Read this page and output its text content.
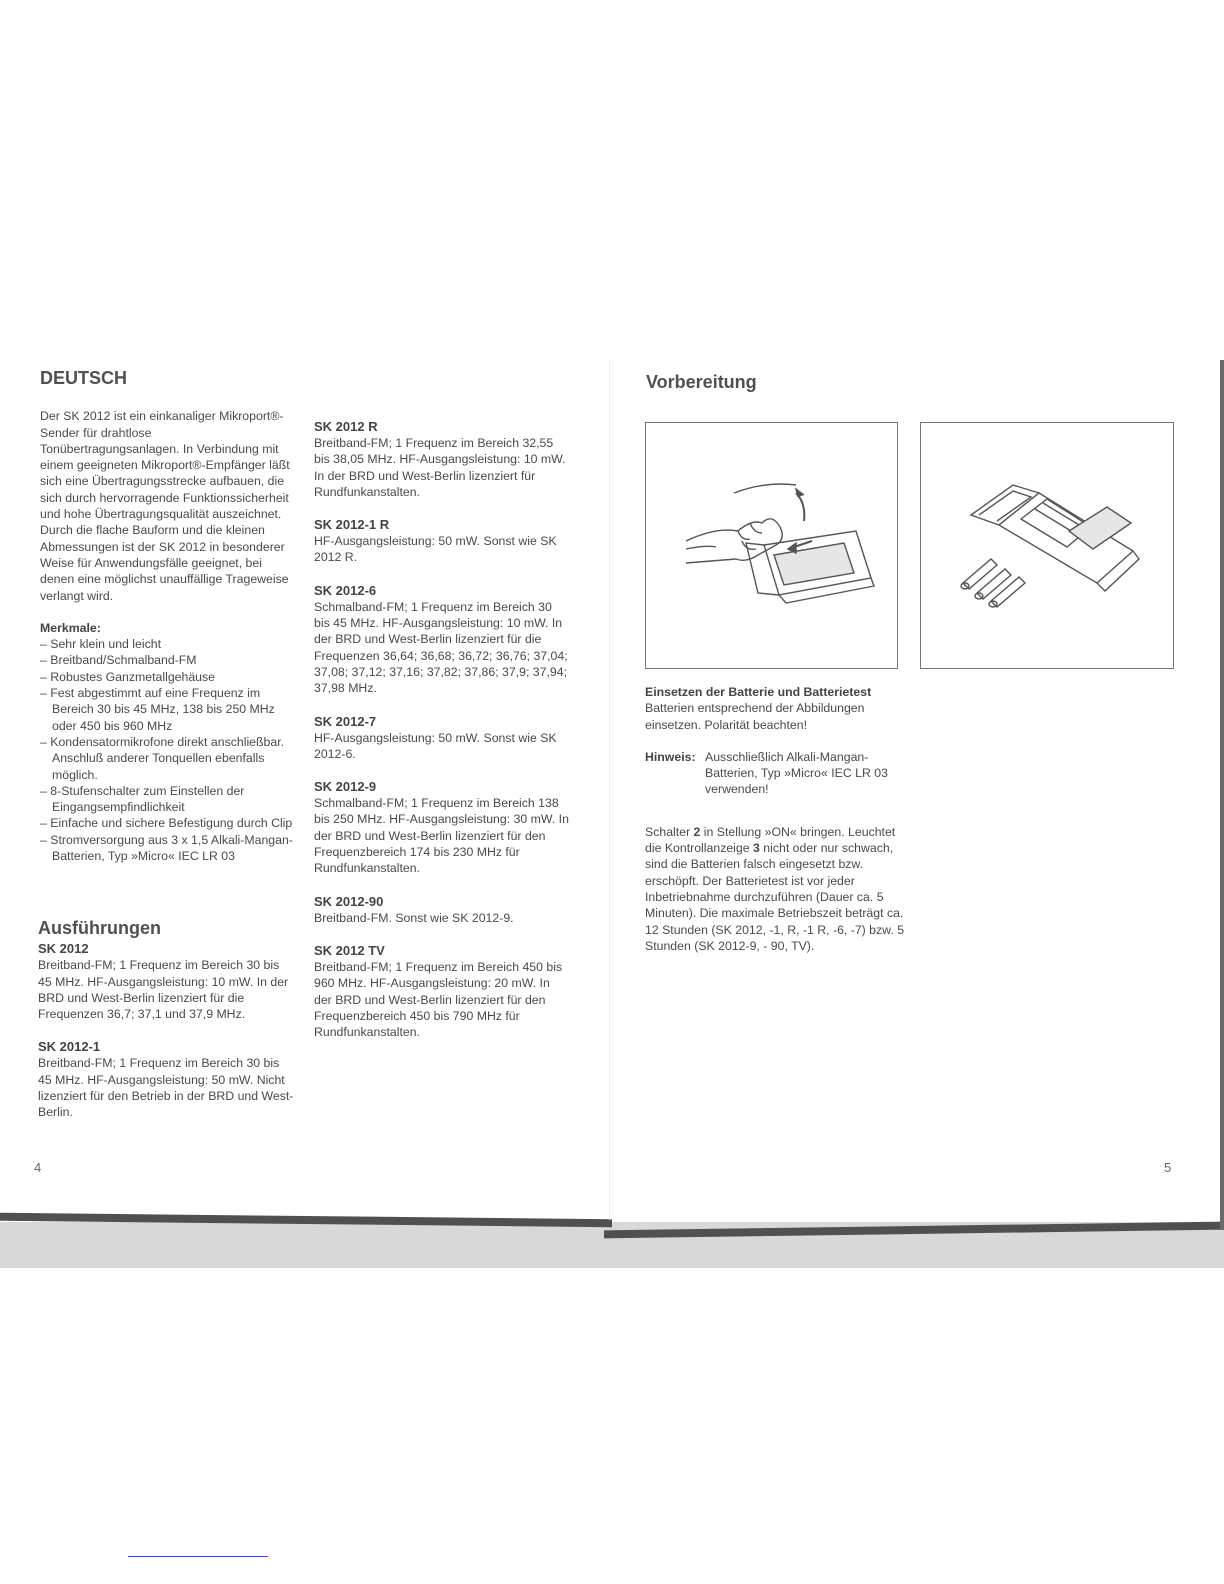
DEUTSCH

Der SK 2012 ist ein einkanaliger Mikroport®-Sender für drahtlose Tonübertragungsanlagen. In Verbindung mit einem geeigneten Mikroport®-Empfänger läßt sich eine Übertragungsstrecke aufbauen, die sich durch hervorragende Funktionssicherheit und hohe Übertragungsqualität auszeichnet. Durch die flache Bauform und die kleinen Abmessungen ist der SK 2012 in besonderer Weise für Anwendungsfälle geeignet, bei denen eine möglichst unauffällige Trageweise verlangt wird.

Merkmale:

– Sehr klein und leicht
– Breitband/Schmalband-FM
– Robustes Ganzmetallgehäuse
– Fest abgestimmt auf eine Frequenz im Bereich 30 bis 45 MHz, 138 bis 250 MHz oder 450 bis 960 MHz
– Kondensatormikrofone direkt anschließbar. Anschluß anderer Tonquellen ebenfalls möglich.
– 8-Stufenschalter zum Einstellen der Eingangsempfindlichkeit
– Einfache und sichere Befestigung durch Clip
– Stromversorgung aus 3 x 1,5 Alkali-Mangan-Batterien, Typ »Micro« IEC LR 03
Ausführungen

SK 2012

Breitband-FM; 1 Frequenz im Bereich 30 bis 45 MHz. HF-Ausgangsleistung: 10 mW. In der BRD und West-Berlin lizenziert für die Frequenzen 36,7; 37,1 und 37,9 MHz.

SK 2012-1

Breitband-FM; 1 Frequenz im Bereich 30 bis 45 MHz. HF-Ausgangsleistung: 50 mW. Nicht lizenziert für den Betrieb in der BRD und West-Berlin.

SK 2012 R

Breitband-FM; 1 Frequenz im Bereich 32,55 bis 38,05 MHz. HF-Ausgangsleistung: 10 mW. In der BRD und West-Berlin lizenziert für Rundfunkanstalten.

SK 2012-1 R

HF-Ausgangsleistung: 50 mW. Sonst wie SK 2012 R.

SK 2012-6

Schmalband-FM; 1 Frequenz im Bereich 30 bis 45 MHz. HF-Ausgangsleistung: 10 mW. In der BRD und West-Berlin lizenziert für die Frequenzen 36,64; 36,68; 36,72; 36,76; 37,04; 37,08; 37,12; 37,16; 37,82; 37,86; 37,9; 37,94; 37,98 MHz.

SK 2012-7

HF-Ausgangsleistung: 50 mW. Sonst wie SK 2012-6.

SK 2012-9

Schmalband-FM; 1 Frequenz im Bereich 138 bis 250 MHz. HF-Ausgangsleistung: 30 mW. In der BRD und West-Berlin lizenziert für den Frequenzbereich 174 bis 230 MHz für Rundfunkanstalten.

SK 2012-90

Breitband-FM. Sonst wie SK 2012-9.

SK 2012 TV

Breitband-FM; 1 Frequenz im Bereich 450 bis 960 MHz. HF-Ausgangsleistung: 20 mW. In der BRD und West-Berlin lizenziert für den Frequenzbereich 450 bis 790 MHz für Rundfunkanstalten.

4
Vorbereitung

Einsetzen der Batterie und Batterietest

Batterien entsprechend der Abbildungen einsetzen. Polarität beachten!

Hinweis: Ausschließlich Alkali-Mangan-Batterien, Typ »Micro« IEC LR 03 verwenden!

Schalter 2 in Stellung »ON« bringen. Leuchtet die Kontrollanzeige 3 nicht oder nur schwach, sind die Batterien falsch eingesetzt bzw. erschöpft. Der Batterietest ist vor jeder Inbetriebnahme durchzuführen (Dauer ca. 5 Minuten). Die maximale Betriebszeit beträgt ca. 12 Stunden (SK 2012, -1, R, -1 R, -6, -7) bzw. 5 Stunden (SK 2012-9, - 90, TV).

5
